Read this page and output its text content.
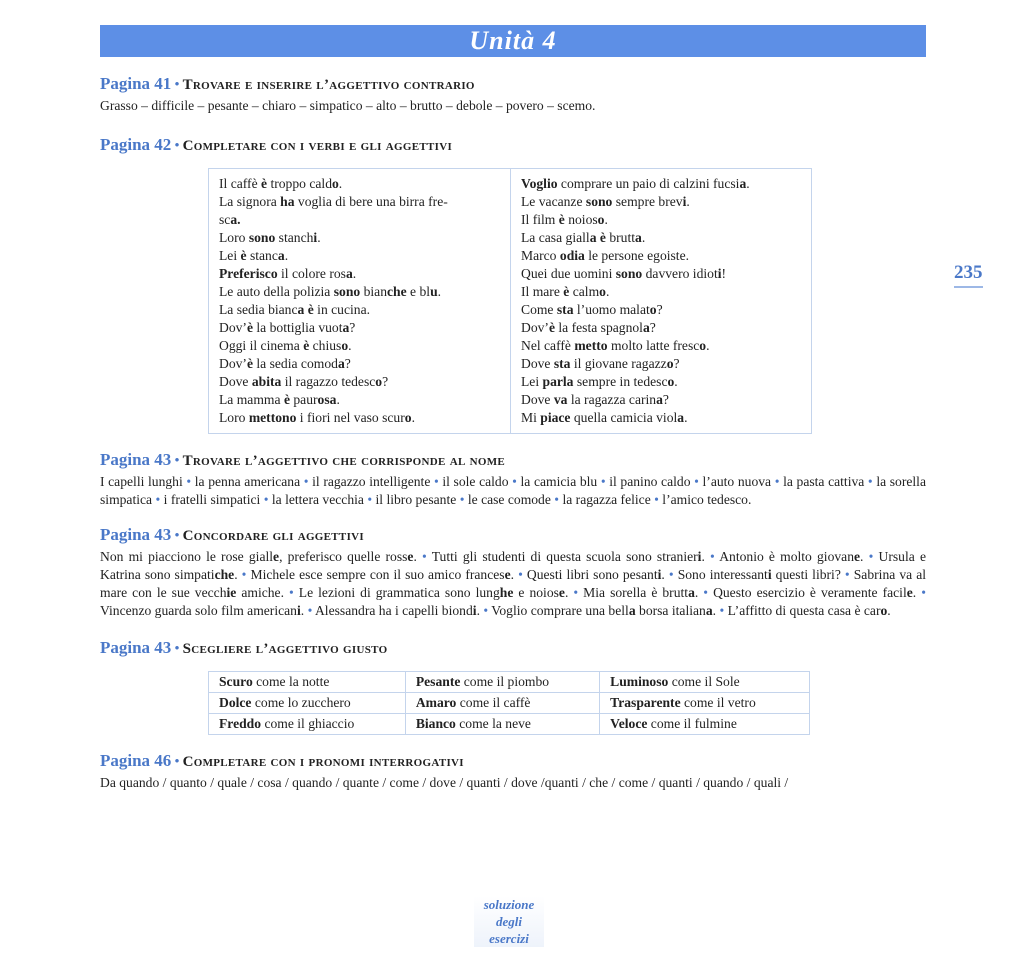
Unità 4
235

Pagina 41 • Trovare e inserire l’aggettivo contrario

Grasso – difficile – pesante – chiaro – simpatico – alto – brutto – debole – povero – scemo.

Pagina 42 • Completare con i verbi e gli aggettivi

Il caffè è troppo caldo.
La signora ha voglia di bere una birra fre-
sca.
Loro sono stanchi.
Lei è stanca.
Preferisco il colore rosa.
Le auto della polizia sono bianche e blu.
La sedia bianca è in cucina.
Dov’è la bottiglia vuota?
Oggi il cinema è chiuso.
Dov’è la sedia comoda?
Dove abita il ragazzo tedesco?
La mamma è paurosa.
Loro mettono i fiori nel vaso scuro.
Voglio comprare un paio di calzini fucsia.
Le vacanze sono sempre brevi.
Il film è noioso.
La casa gialla è brutta.
Marco odia le persone egoiste.
Quei due uomini sono davvero idioti!
Il mare è calmo.
Come sta l’uomo malato?
Dov’è la festa spagnola?
Nel caffè metto molto latte fresco.
Dove sta il giovane ragazzo?
Lei parla sempre in tedesco.
Dove va la ragazza carina?
Mi piace quella camicia viola.

Pagina 43 • Trovare l’aggettivo che corrisponde al nome

I capelli lunghi • la penna americana • il ragazzo intelligente • il sole caldo • la camicia blu • il panino caldo • l’auto nuova • la pasta cattiva • la sorella simpatica • i fratelli simpatici • la lettera vecchia • il libro pesante • le case comode • la ragazza felice • l’amico tedesco.

Pagina 43 • Concordare gli aggettivi

Non mi piacciono le rose gialle, preferisco quelle rosse. • Tutti gli studenti di questa scuola sono stranieri. • Antonio è molto giovane. • Ursula e Katrina sono simpatiche. • Michele esce sempre con il suo amico francese. • Questi libri sono pesanti. • Sono interessanti questi libri? • Sabrina va al mare con le sue vecchie amiche. • Le lezioni di grammatica sono lunghe e noiose. • Mia sorella è brutta. • Questo esercizio è veramente facile. • Vincenzo guarda solo film americani. • Alessandra ha i capelli biondi. • Voglio comprare una bella borsa italiana. • L’affitto di questa casa è caro.

Pagina 43 • Scegliere l’aggettivo giusto

Scuro come la notte	Pesante come il piombo	Luminoso come il Sole
Dolce come lo zucchero	Amaro come il caffè	Trasparente come il vetro
Freddo come il ghiaccio	Bianco come la neve	Veloce come il fulmine

Pagina 46 • Completare con i pronomi interrogativi

Da quando / quanto / quale / cosa / quando / quante / come / dove / quanti / dove /quanti / che / come / quanti / quando / quali /

soluzione
degli
esercizi
